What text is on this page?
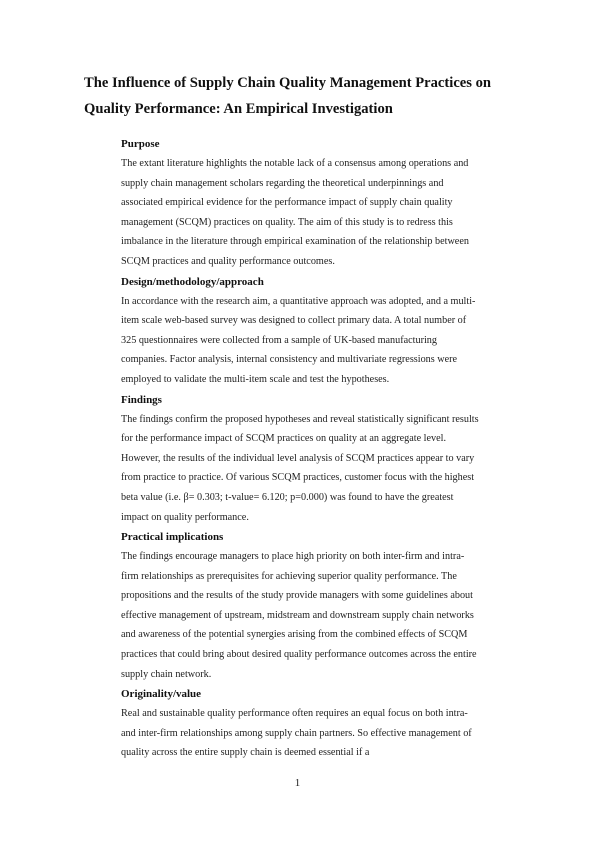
The Influence of Supply Chain Quality Management Practices on Quality Performance: An Empirical Investigation

Purpose

The extant literature highlights the notable lack of a consensus among operations and supply chain management scholars regarding the theoretical underpinnings and associated empirical evidence for the performance impact of supply chain quality management (SCQM) practices on quality. The aim of this study is to redress this imbalance in the literature through empirical examination of the relationship between SCQM practices and quality performance outcomes.

Design/methodology/approach

In accordance with the research aim, a quantitative approach was adopted, and a multi-item scale web-based survey was designed to collect primary data. A total number of 325 questionnaires were collected from a sample of UK-based manufacturing companies. Factor analysis, internal consistency and multivariate regressions were employed to validate the multi-item scale and test the hypotheses.

Findings

The findings confirm the proposed hypotheses and reveal statistically significant results for the performance impact of SCQM practices on quality at an aggregate level. However, the results of the individual level analysis of SCQM practices appear to vary from practice to practice. Of various SCQM practices, customer focus with the highest beta value (i.e. β= 0.303; t-value= 6.120; p=0.000) was found to have the greatest impact on quality performance.

Practical implications

The findings encourage managers to place high priority on both inter-firm and intra-firm relationships as prerequisites for achieving superior quality performance. The propositions and the results of the study provide managers with some guidelines about effective management of upstream, midstream and downstream supply chain networks and awareness of the potential synergies arising from the combined effects of SCQM practices that could bring about desired quality performance outcomes across the entire supply chain network.

Originality/value

Real and sustainable quality performance often requires an equal focus on both intra- and inter-firm relationships among supply chain partners. So effective management of quality across the entire supply chain is deemed essential if a

1
